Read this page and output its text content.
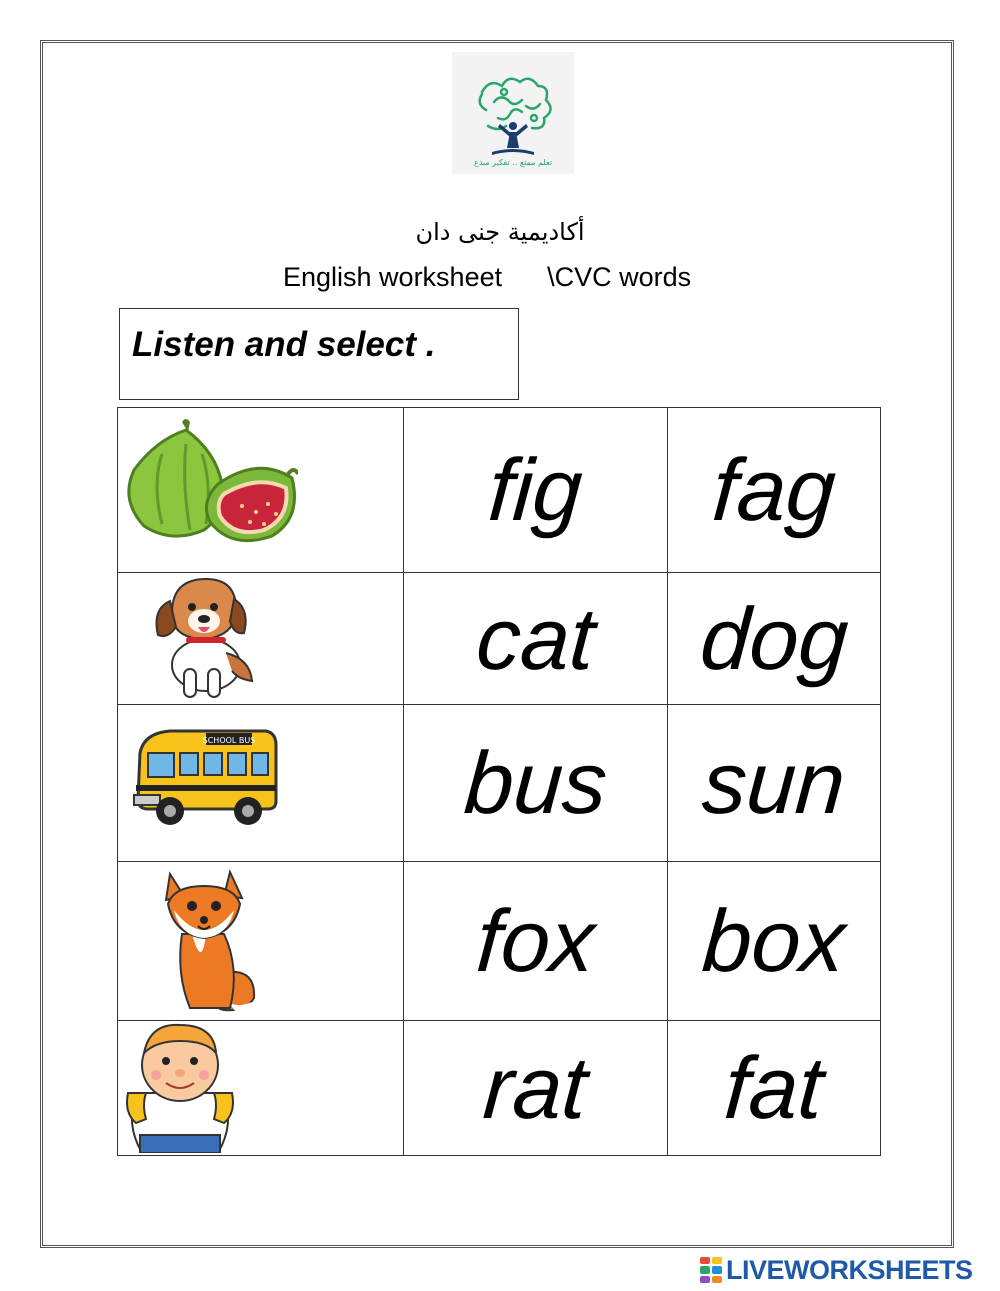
تعلم ممتع .. تفكير مبدع
أكاديمية جنى دان
English worksheet      \CVC words
Listen and select .
	fig	fag

	cat	dog

SCHOOL BUS	bus	sun

	fox	box

	rat	fat
LIVEWORKSHEETS
